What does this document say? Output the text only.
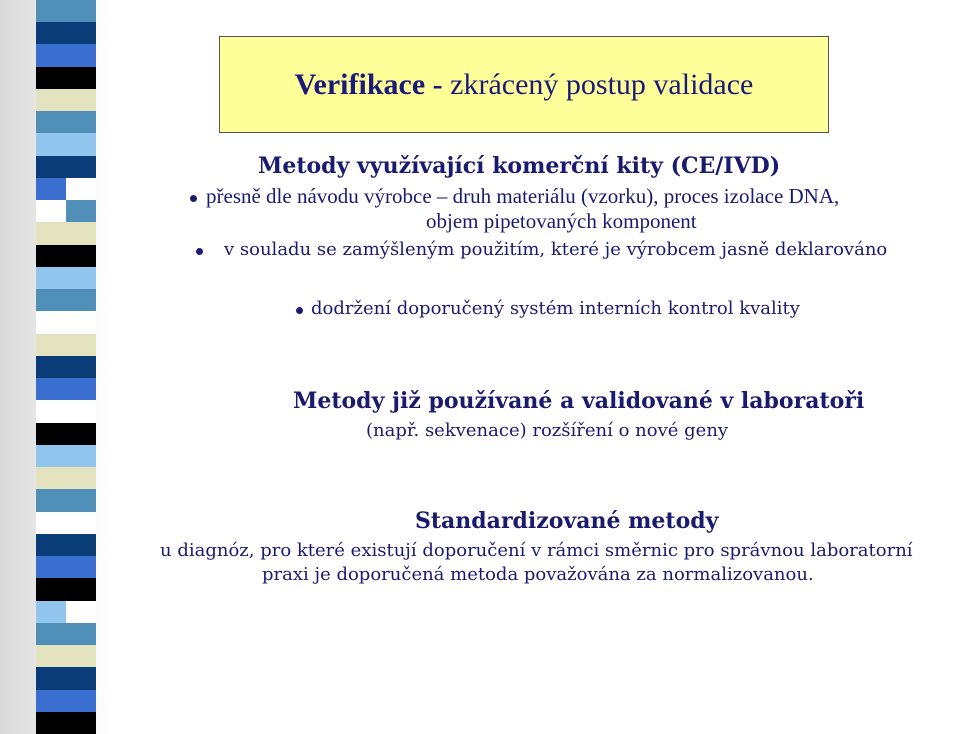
Verifikace - zkrácený postup validace
Metody využívající komerční kity (CE/IVD)
přesně dle návodu výrobce – druh materiálu (vzorku), proces izolace DNA,
objem pipetovaných komponent
v souladu se zamýšleným použitím, které je výrobcem jasně deklarováno
dodržení doporučený systém interních kontrol kvality
Metody již používané a validované v laboratoři
(např. sekvenace) rozšíření o nové geny
Standardizované metody
u diagnóz, pro které existují doporučení v rámci směrnic pro správnou laboratorní
praxi je doporučená metoda považována za normalizovanou.
